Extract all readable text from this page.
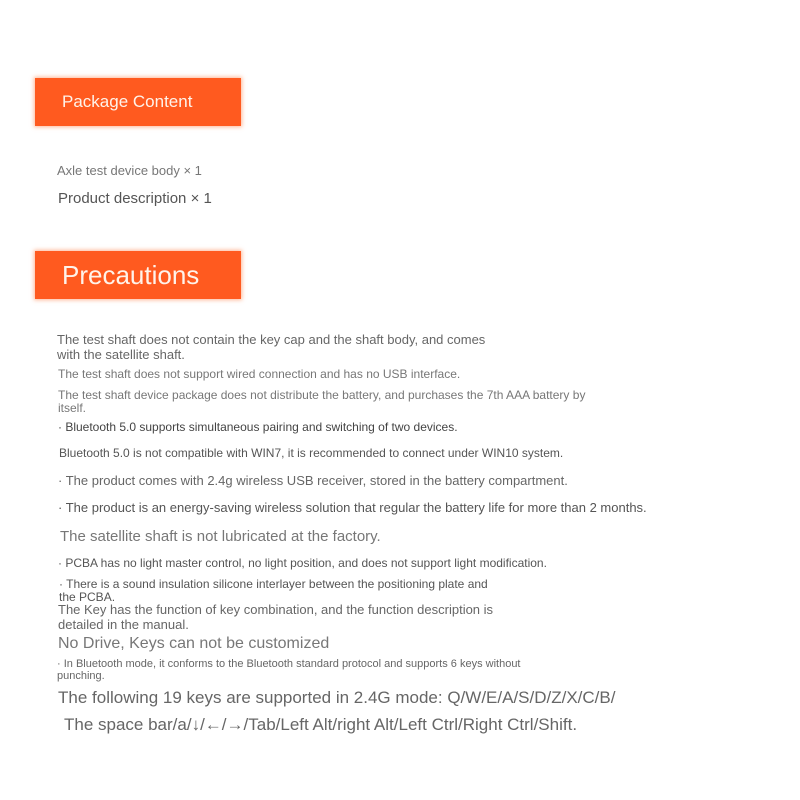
Package Content
Axle test device body × 1
Product description × 1
Precautions
The test shaft does not contain the key cap and the shaft body, and comes with the satellite shaft.
The test shaft does not support wired connection and has no USB interface.
The test shaft device package does not distribute the battery, and purchases the 7th AAA battery by itself.
· Bluetooth 5.0 supports simultaneous pairing and switching of two devices.
Bluetooth 5.0 is not compatible with WIN7, it is recommended to connect under WIN10 system.
· The product comes with 2.4g wireless USB receiver, stored in the battery compartment.
· The product is an energy-saving wireless solution that regular the battery life for more than 2 months.
The satellite shaft is not lubricated at the factory.
· PCBA has no light master control, no light position, and does not support light modification.
· There is a sound insulation silicone interlayer between the positioning plate and the PCBA.
The Key has the function of key combination, and the function description is detailed in the manual.
No Drive, Keys can not be customized
· In Bluetooth mode, it conforms to the Bluetooth standard protocol and supports 6 keys without punching.
The following 19 keys are supported in 2.4G mode: Q/W/E/A/S/D/Z/X/C/B/
The space bar/a/↓/←/→/Tab/Left Alt/right Alt/Left Ctrl/Right Ctrl/Shift.
